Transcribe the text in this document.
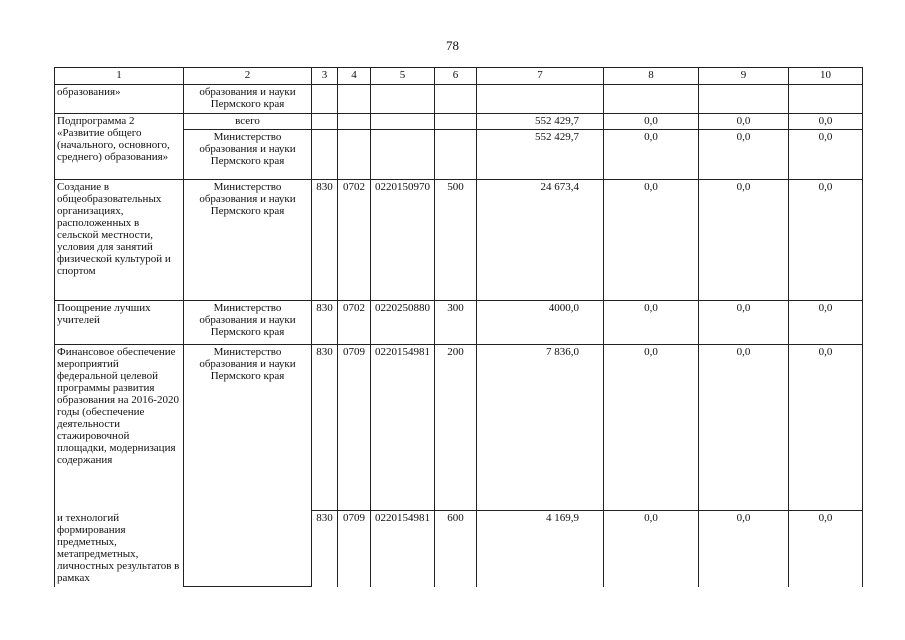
78
1	2	3	4	5	6	7	8	9	10
образования»	образования и науки Пермского края								
Подпрограмма 2 «Развитие общего (начального, основного, среднего) образования»	всего					552 429,7	0,0	0,0	0,0
	Министерство образования и науки Пермского края					552 429,7	0,0	0,0	0,0
Создание в общеобразовательных организациях, расположенных в сельской местности, условия для занятий физической культурой и спортом	Министерство образования и науки Пермского края	830	0702	0220150970	500	24 673,4	0,0	0,0	0,0
Поощрение лучших учителей	Министерство образования и науки Пермского края	830	0702	0220250880	300	4000,0	0,0	0,0	0,0
Финансовое обеспечение мероприятий федеральной целевой программы развития образования на 2016-2020 годы (обеспечение деятельности стажировочной площадки, модернизация содержания	Министерство образования и науки Пермского края	830	0709	0220154981	200	7 836,0	0,0	0,0	0,0
и технологий формирования предметных, метапредметных, личностных результатов в рамках		830	0709	0220154981	600	4 169,9	0,0	0,0	0,0
